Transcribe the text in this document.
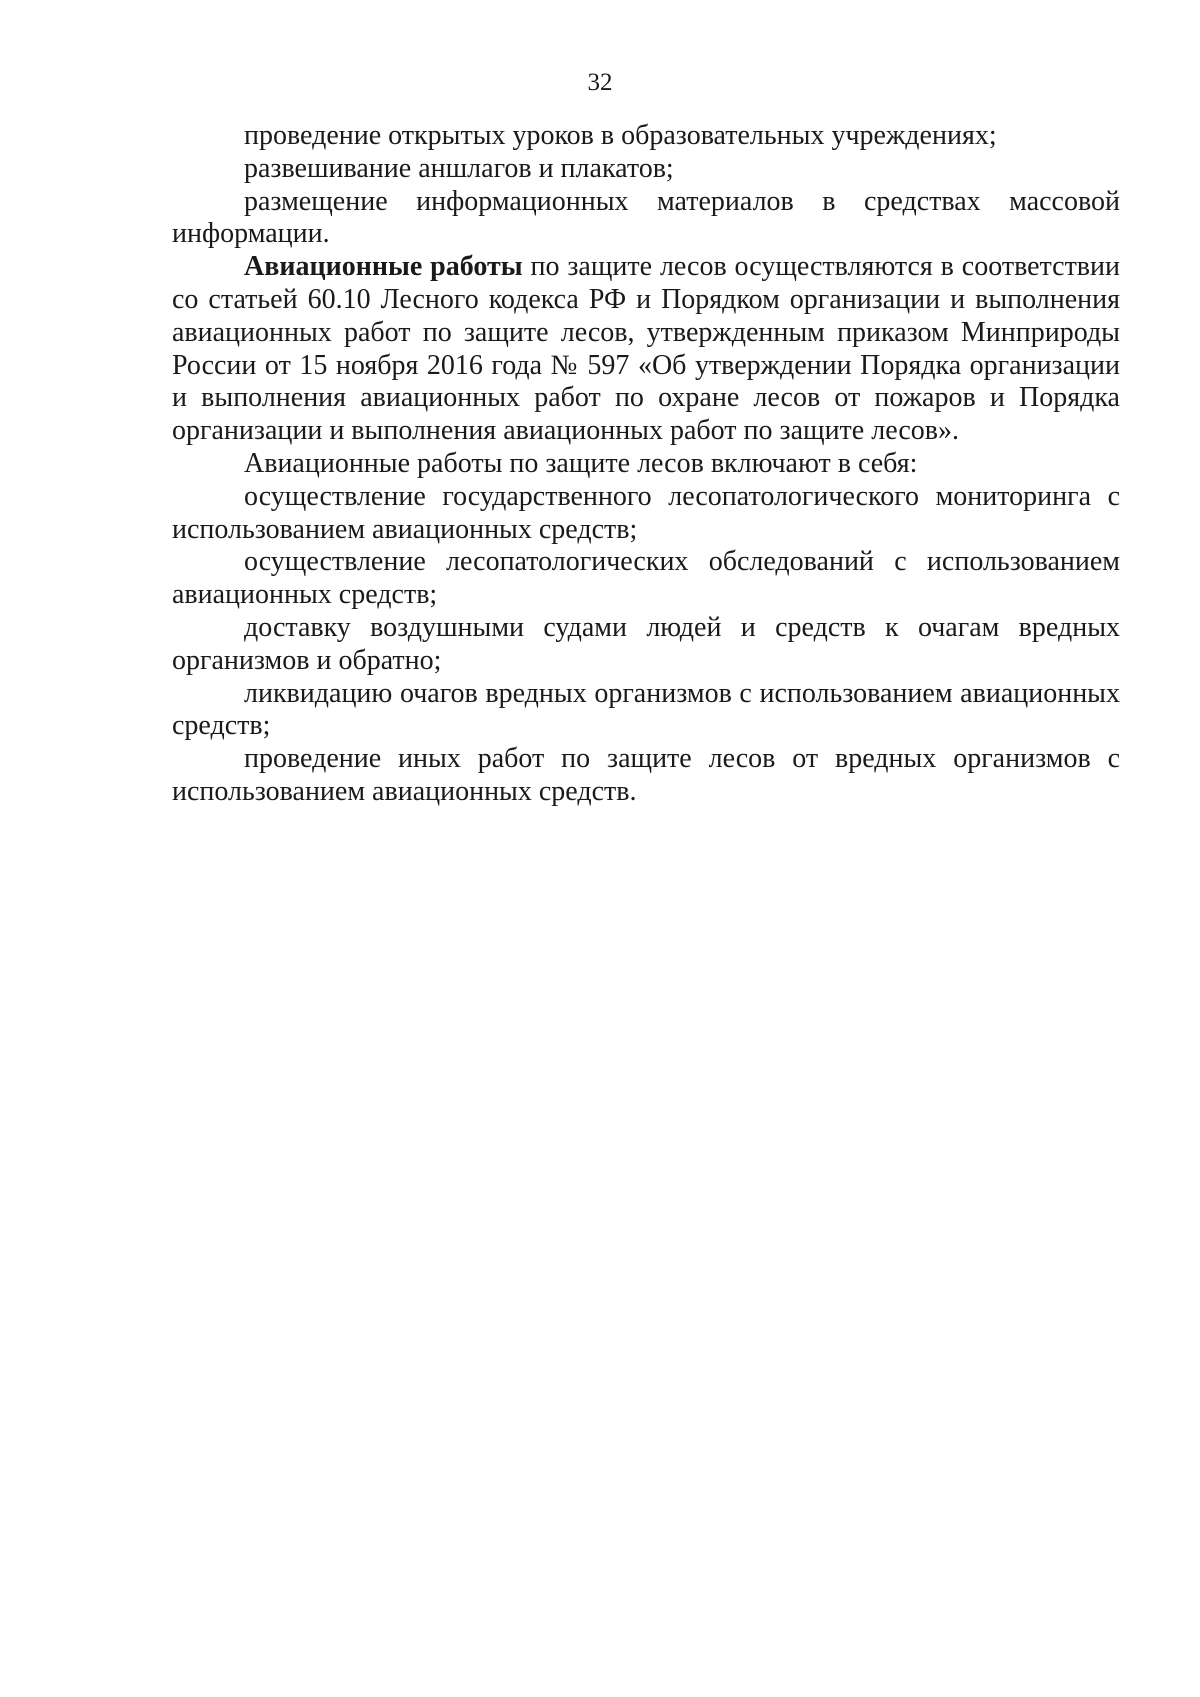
32

проведение открытых уроков в образовательных учреждениях;

развешивание аншлагов и плакатов;

размещение информационных материалов в средствах массовой информации.

Авиационные работы по защите лесов осуществляются в соответствии со статьей 60.10 Лесного кодекса РФ и Порядком организации и выполнения авиационных работ по защите лесов, утвержденным приказом Минприроды России от 15 ноября 2016 года № 597 «Об утверждении Порядка организации и выполнения авиационных работ по охране лесов от пожаров и Порядка организации и выполнения авиационных работ по защите лесов».

Авиационные работы по защите лесов включают в себя:

осуществление государственного лесопатологического мониторинга с использованием авиационных средств;

осуществление лесопатологических обследований с использованием авиационных средств;

доставку воздушными судами людей и средств к очагам вредных организмов и обратно;

ликвидацию очагов вредных организмов с использованием авиационных средств;

проведение иных работ по защите лесов от вредных организмов с использованием авиационных средств.
